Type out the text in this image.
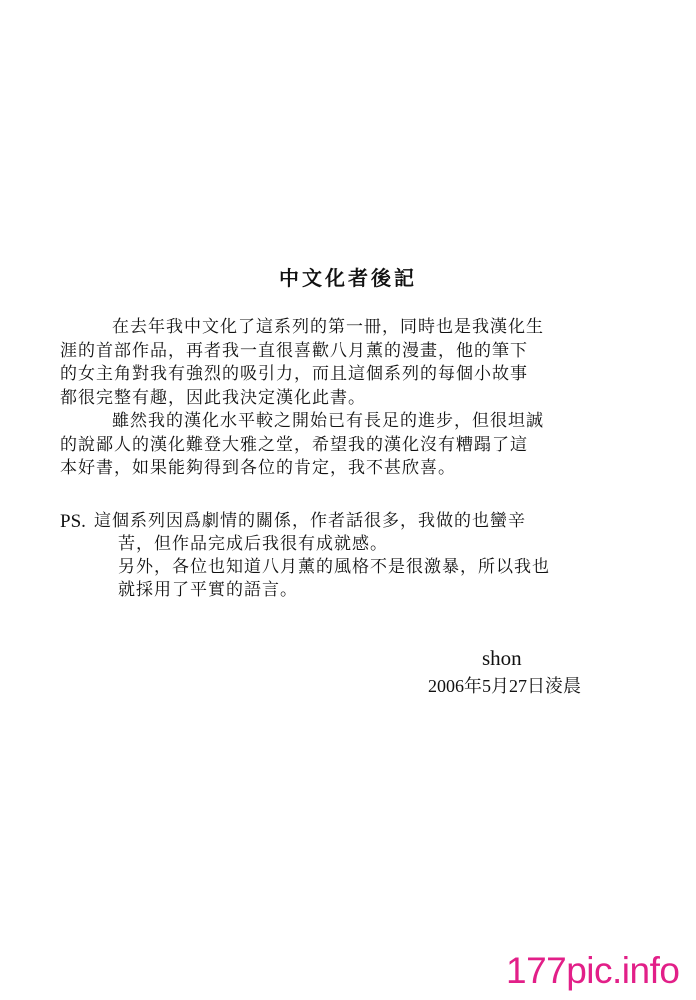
中文化者後記
在去年我中文化了這系列的第一冊，同時也是我漢化生
涯的首部作品，再者我一直很喜歡八月薰的漫畫，他的筆下
的女主角對我有強烈的吸引力，而且這個系列的每個小故事
都很完整有趣，因此我決定漢化此書。
雖然我的漢化水平較之開始已有長足的進步，但很坦誠
的說鄙人的漢化難登大雅之堂，希望我的漢化沒有糟蹋了這
本好書，如果能夠得到各位的肯定，我不甚欣喜。
PS. 這個系列因爲劇情的關係，作者話很多，我做的也蠻辛
苦，但作品完成后我很有成就感。
另外，各位也知道八月薰的風格不是很激暴，所以我也
就採用了平實的語言。
shon
2006年5月27日淩晨
177pic.info
